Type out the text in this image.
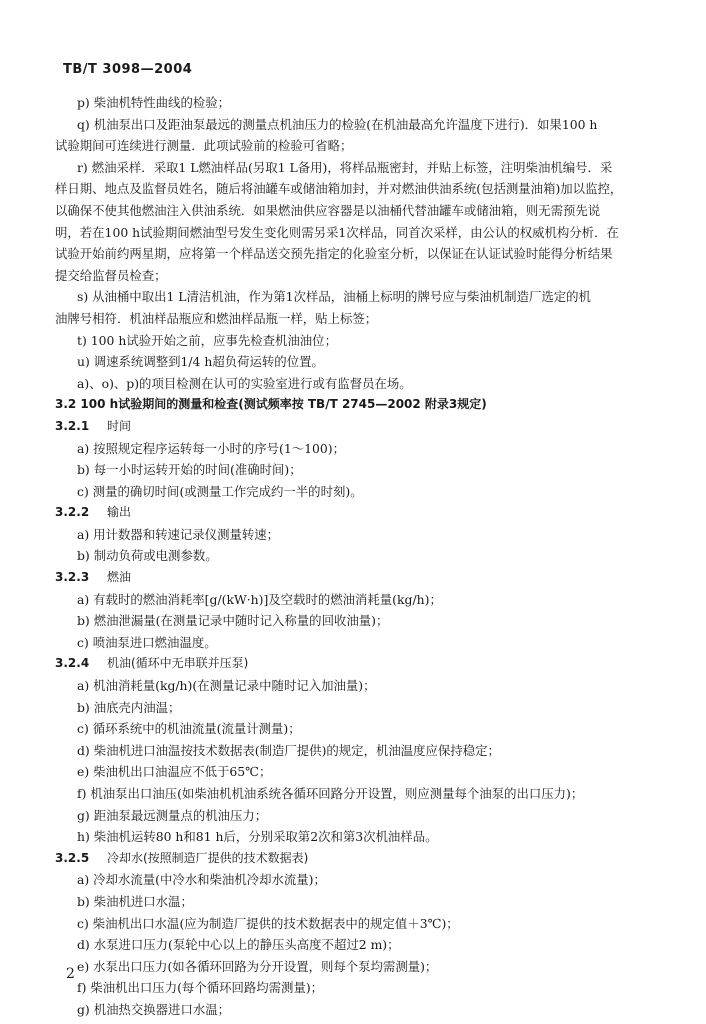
TB/T 3098—2004
p) 柴油机特性曲线的检验；
q) 机油泵出口及距油泵最远的测量点机油压力的检验(在机油最高允许温度下进行)．如果100 h
试验期间可连续进行测量．此项试验前的检验可省略；
r) 燃油采样．采取1 L燃油样品(另取1 L备用)，将样品瓶密封，并贴上标签，注明柴油机编号．采
样日期、地点及监督员姓名，随后将油罐车或储油箱加封，并对燃油供油系统(包括测量油箱)加以监控，
以确保不使其他燃油注入供油系统．如果燃油供应容器是以油桶代替油罐车或储油箱，则无需预先说
明，若在100 h试验期间燃油型号发生变化则需另采1次样品，同首次采样，由公认的权威机构分析．在
试验开始前约两星期，应将第一个样品送交预先指定的化验室分析，以保证在认证试验时能得分析结果
提交给监督员检查；
s) 从油桶中取出1 L清洁机油，作为第1次样品，油桶上标明的牌号应与柴油机制造厂选定的机
油牌号相符．机油样品瓶应和燃油样品瓶一样，贴上标签；
t) 100 h试验开始之前，应事先检查机油油位；
u) 调速系统调整到1/4 h超负荷运转的位置。
a)、o)、p)的项目检测在认可的实验室进行或有监督员在场。
3.2 100 h试验期间的测量和检查(测试频率按 TB/T 2745—2002 附录3规定)
3.2.1 时间
a) 按照规定程序运转每一小时的序号(1～100)；
b) 每一小时运转开始的时间(准确时间)；
c) 测量的确切时间(或测量工作完成约一半的时刻)。
3.2.2 输出
a) 用计数器和转速记录仪测量转速；
b) 制动负荷或电测参数。
3.2.3 燃油
a) 有载时的燃油消耗率[g/(kW·h)]及空载时的燃油消耗量(kg/h)；
b) 燃油泄漏量(在测量记录中随时记入称量的回收油量)；
c) 喷油泵进口燃油温度。
3.2.4 机油(循环中无串联并压泵)
a) 机油消耗量(kg/h)(在测量记录中随时记入加油量)；
b) 油底壳内油温；
c) 循环系统中的机油流量(流量计测量)；
d) 柴油机进口油温按技术数据表(制造厂提供)的规定，机油温度应保持稳定；
e) 柴油机出口油温应不低于65℃；
f) 机油泵出口油压(如柴油机机油系统各循环回路分开设置，则应测量每个油泵的出口压力)；
g) 距油泵最远测量点的机油压力；
h) 柴油机运转80 h和81 h后，分别采取第2次和第3次机油样品。
3.2.5 冷却水(按照制造厂提供的技术数据表)
a) 冷却水流量(中冷水和柴油机冷却水流量)；
b) 柴油机进口水温；
c) 柴油机出口水温(应为制造厂提供的技术数据表中的规定值＋3℃)；
d) 水泵进口压力(泵轮中心以上的静压头高度不超过2 m)；
e) 水泵出口压力(如各循环回路为分开设置，则每个泵均需测量)；
f) 柴油机出口压力(每个循环回路均需测量)；
g) 机油热交换器进口水温；
2
